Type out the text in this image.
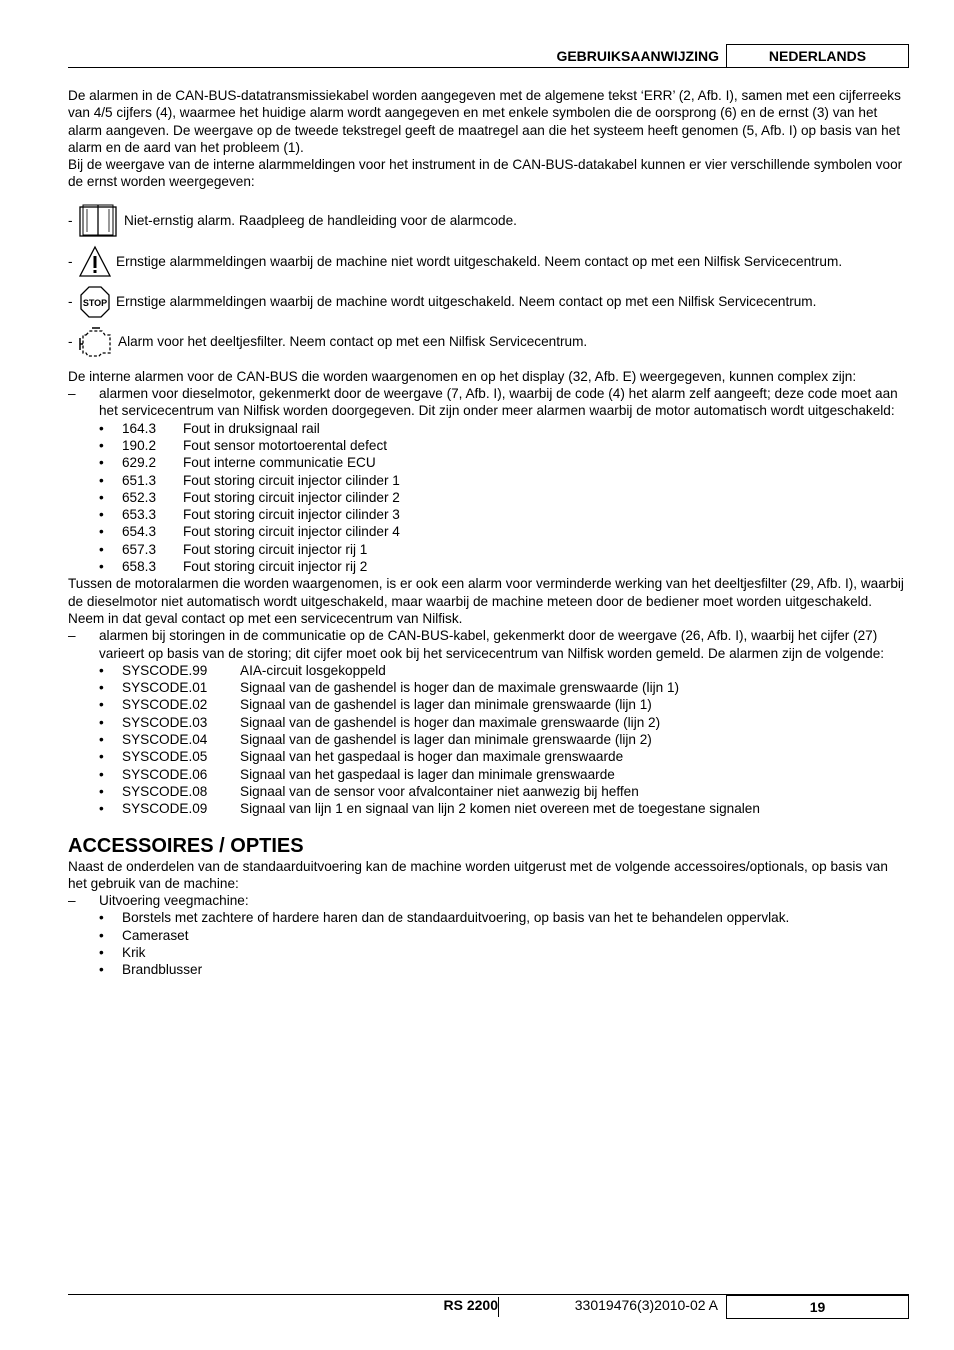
GEBRUIKSAANWIJZING	NEDERLANDS

De alarmen in de CAN-BUS-datatransmissiekabel worden aangegeven met de algemene tekst ‘ERR’ (2, Afb. I), samen met een cijferreeks van 4/5 cijfers (4), waarmee het huidige alarm wordt aangegeven en met enkele symbolen die de oorsprong (6) en de ernst (3) van het alarm aangeven. De weergave op de tweede tekstregel geeft de maatregel aan die het systeem heeft genomen (5, Afb. I) op basis van het alarm en de aard van het probleem (1).

Bij de weergave van de interne alarmmeldingen voor het instrument in de CAN-BUS-datakabel kunnen er vier verschillende symbolen voor de ernst worden weergegeven:

-	Niet-ernstig alarm. Raadpleeg de handleiding voor de alarmcode.
-	Ernstige alarmmeldingen waarbij de machine niet wordt uitgeschakeld. Neem contact op met een Nilfisk Servicecentrum.
-	STOP Ernstige alarmmeldingen waarbij de machine wordt uitgeschakeld. Neem contact op met een Nilfisk Servicecentrum.
-	Alarm voor het deeltjesfilter. Neem contact op met een Nilfisk Servicecentrum.

De interne alarmen voor de CAN-BUS die worden waargenomen en op het display (32, Afb. E) weergegeven, kunnen complex zijn:

–	alarmen voor dieselmotor, gekenmerkt door de weergave (7, Afb. I), waarbij de code (4) het alarm zelf aangeeft; deze code moet aan het servicecentrum van Nilfisk worden doorgegeven. Dit zijn onder meer alarmen waarbij de motor automatisch wordt uitgeschakeld:
•	164.3	Fout in druksignaal rail
•	190.2	Fout sensor motortoerental defect
•	629.2	Fout interne communicatie ECU
•	651.3	Fout storing circuit injector cilinder 1
•	652.3	Fout storing circuit injector cilinder 2
•	653.3	Fout storing circuit injector cilinder 3
•	654.3	Fout storing circuit injector cilinder 4
•	657.3	Fout storing circuit injector rij 1
•	658.3	Fout storing circuit injector rij 2

Tussen de motoralarmen die worden waargenomen, is er ook een alarm voor verminderde werking van het deeltjesfilter (29, Afb. I), waarbij de dieselmotor niet automatisch wordt uitgeschakeld, maar waarbij de machine meteen door de bediener moet worden uitgeschakeld. Neem in dat geval contact op met een servicecentrum van Nilfisk.

–	alarmen bij storingen in de communicatie op de CAN-BUS-kabel, gekenmerkt door de weergave (26, Afb. I), waarbij het cijfer (27) varieert op basis van de storing; dit cijfer moet ook bij het servicecentrum van Nilfisk worden gemeld. De alarmen zijn de volgende:
•	SYSCODE.99	AIA-circuit losgekoppeld
•	SYSCODE.01	Signaal van de gashendel is hoger dan de maximale grenswaarde (lijn 1)
•	SYSCODE.02	Signaal van de gashendel is lager dan minimale grenswaarde (lijn 1)
•	SYSCODE.03	Signaal van de gashendel is hoger dan maximale grenswaarde (lijn 2)
•	SYSCODE.04	Signaal van de gashendel is lager dan minimale grenswaarde (lijn 2)
•	SYSCODE.05	Signaal van het gaspedaal is hoger dan maximale grenswaarde
•	SYSCODE.06	Signaal van het gaspedaal is lager dan minimale grenswaarde
•	SYSCODE.08	Signaal van de sensor voor afvalcontainer niet aanwezig bij heffen
•	SYSCODE.09	Signaal van lijn 1 en signaal van lijn 2 komen niet overeen met de toegestane signalen
ACCESSOIRES / OPTIES

Naast de onderdelen van de standaarduitvoering kan de machine worden uitgerust met de volgende accessoires/optionals, op basis van het gebruik van de machine:

–	Uitvoering veegmachine:
•	Borstels met zachtere of hardere haren dan de standaarduitvoering, op basis van het te behandelen oppervlak.
•	Cameraset
•	Krik
•	Brandblusser
RS 2200	33019476(3)2010-02 A	19
